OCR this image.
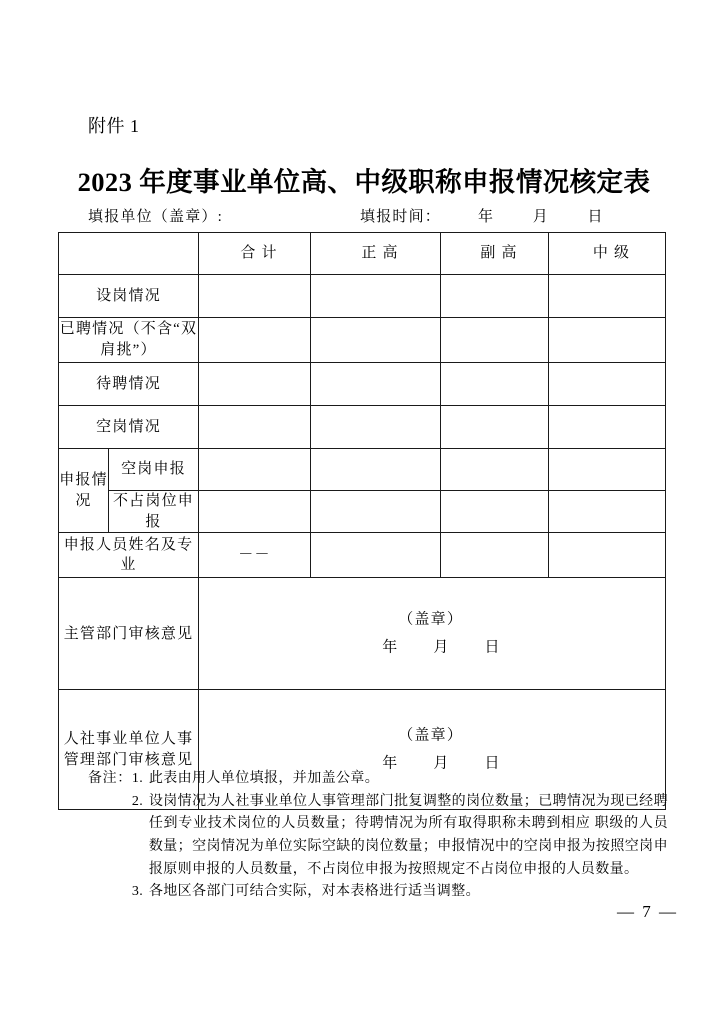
附件 1
2023 年度事业单位高、中级职称申报情况核定表
填报单位（盖章）:	填报时间： 年	月	日
		合 计	正 高	副 高	中 级
设岗情况					
已聘情况（不含“双肩挑”）					
待聘情况					
空岗情况					
申报情况	空岗申报				
	不占岗位申报				
申报人员姓名及专业		－－			
主管部门审核意见		（盖章）
年 月 日			

人社事业单位人事管理部门审核意见		（盖章）
年 月 日			
备注： 1. 此表由用人单位填报，并加盖公章。
2. 设岗情况为人社事业单位人事管理部门批复调整的岗位数量；已聘情况为现已经聘任到专业技术岗位的人员数量；待聘情况为所有取得职称未聘到相应 职级的人员数量；空岗情况为单位实际空缺的岗位数量；申报情况中的空岗申报为按照空岗申报原则申报的人员数量，不占岗位申报为按照规定不占岗位申报的人员数量。
3. 各地区各部门可结合实际，对本表格进行适当调整。
— 7 —
